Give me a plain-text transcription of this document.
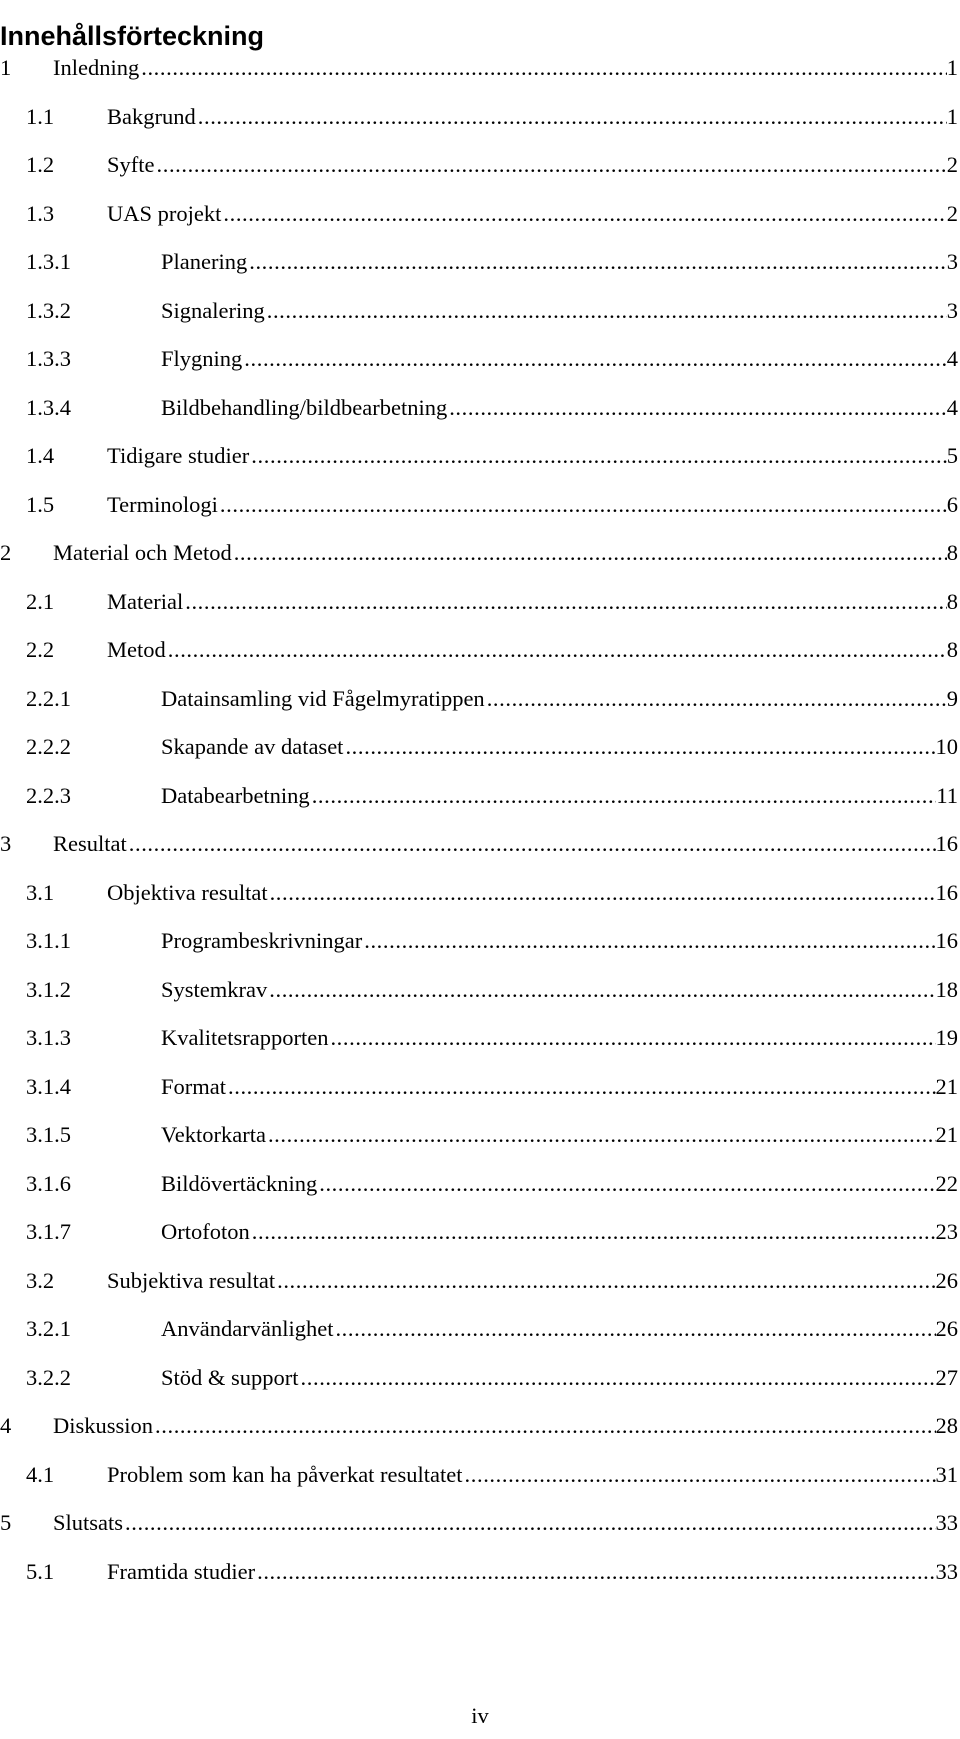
Innehållsförteckning
1 Inledning .....	1
1.1 Bakgrund .....	1
1.2 Syfte .....	2
1.3 UAS projekt .....	2
1.3.1	Planering .....	3
1.3.2	Signalering .....	3
1.3.3	Flygning .....	4
1.3.4	Bildbehandling/bildbearbetning .....	4
1.4 Tidigare studier .....	5
1.5 Terminologi .....	6
2 Material och Metod .....	8
2.1 Material .....	8
2.2 Metod .....	8
2.2.1	Datainsamling vid Fågelmyratippen .....	9
2.2.2	Skapande av dataset .....	10
2.2.3	Databearbetning .....	11
3 Resultat .....	16
3.1 Objektiva resultat .....	16
3.1.1	Programbeskrivningar .....	16
3.1.2	Systemkrav .....	18
3.1.3	Kvalitetsrapporten .....	19
3.1.4	Format .....	21
3.1.5	Vektorkarta .....	21
3.1.6	Bildövertäckning .....	22
3.1.7	Ortofoton .....	23
3.2 Subjektiva resultat .....	26
3.2.1	Användarvänlighet .....	26
3.2.2	Stöd & support .....	27
4 Diskussion .....	28
4.1 Problem som kan ha påverkat resultatet .....	31
5 Slutsats .....	33
5.1 Framtida studier .....	33
iv
